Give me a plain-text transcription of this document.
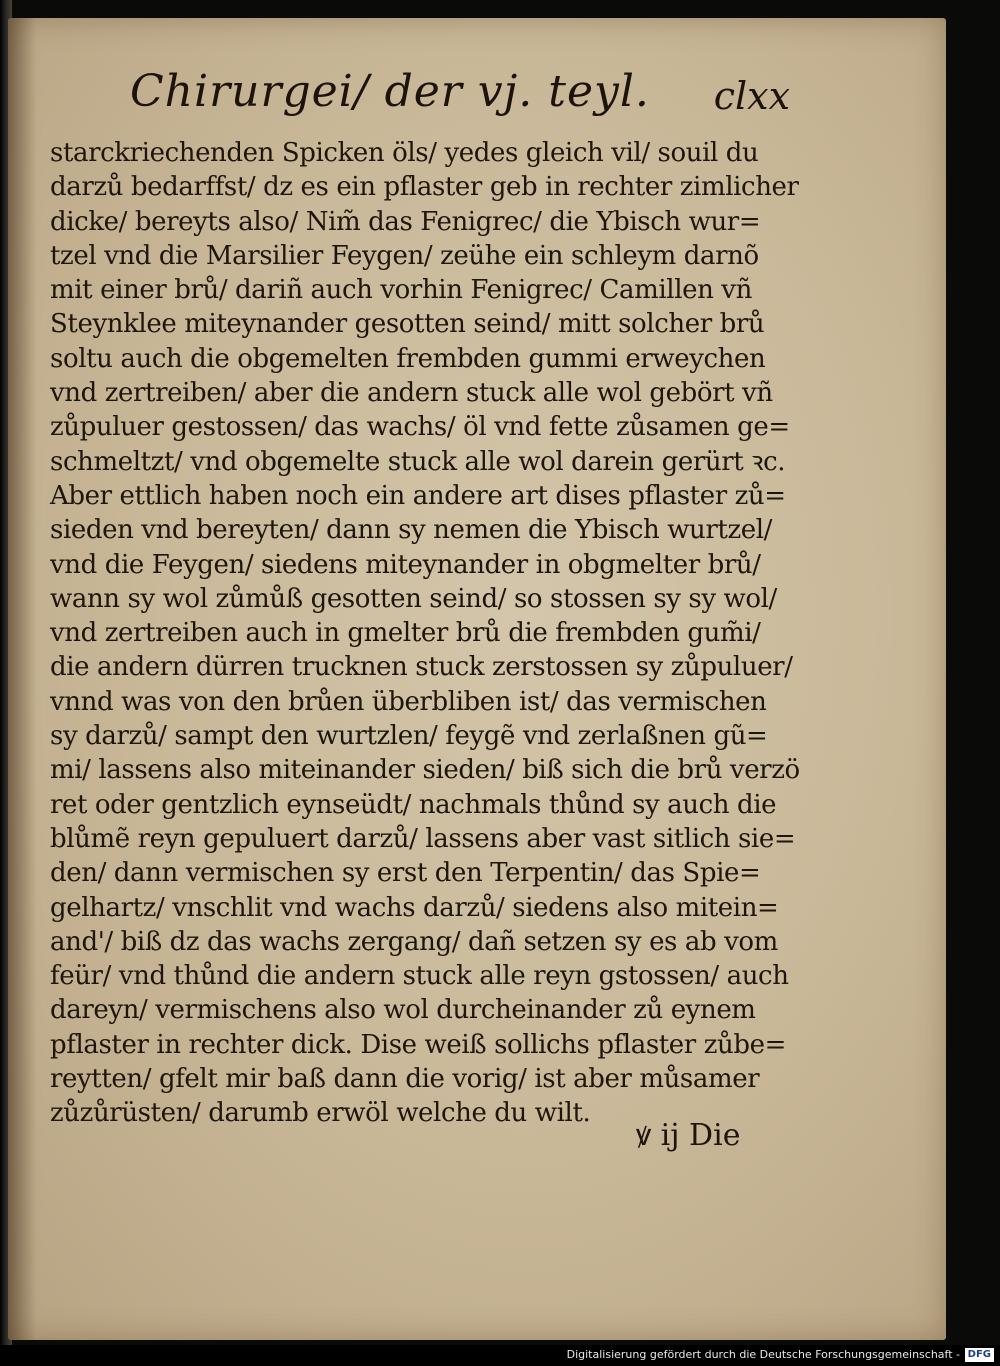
Chirurgei/ der vj. teyl. clxx
starckriechenden Spicken öls/ yedes gleich vil/ souil du
darzů bedarffst/ dz es ein pflaster geb in rechter zimlicher
dicke/ bereyts also/ Nim̃ das Fenigrec/ die Ybisch wur=
tzel vnd die Marsilier Feygen/ zeühe ein schleym darnõ
mit einer brů/ dariñ auch vorhin Fenigrec/ Camillen vñ
Steynklee miteynander gesotten seind/ mitt solcher brů
soltu auch die obgemelten frembden gummi erweychen
vnd zertreiben/ aber die andern stuck alle wol gebört vñ
zůpuluer gestossen/ das wachs/ öl vnd fette zůsamen ge=
schmeltzt/ vnd obgemelte stuck alle wol darein gerürt ꝛc.
Aber ettlich haben noch ein andere art dises pflaster zů=
sieden vnd bereyten/ dann sy nemen die Ybisch wurtzel/
vnd die Feygen/ siedens miteynander in obgmelter brů/
wann sy wol zůmůß gesotten seind/ so stossen sy sy wol/
vnd zertreiben auch in gmelter brů die frembden gum̃i/
die andern dürren trucknen stuck zerstossen sy zůpuluer/
vnnd was von den brůen überbliben ist/ das vermischen
sy darzů/ sampt den wurtzlen/ feygẽ vnd zerlaßnen gũ=
mi/ lassens also miteinander sieden/ biß sich die brů verzö
ret oder gentzlich eynseüdt/ nachmals thůnd sy auch die
blůmẽ reyn gepuluert darzů/ lassens aber vast sitlich sie=
den/ dann vermischen sy erst den Terpentin/ das Spie=
gelhartz/ vnschlit vnd wachs darzů/ siedens also mitein=
and'/ biß dz das wachs zergang/ dañ setzen sy es ab vom
feür/ vnd thůnd die andern stuck alle reyn gstossen/ auch
dareyn/ vermischens also wol durcheinander zů eynem
pflaster in rechter dick. Dise weiß sollichs pflaster zůbe=
reytten/ gfelt mir baß dann die vorig/ ist aber můsamer
zůzůrüsten/ darumb erwöl welche du wilt.
ꝟ ij Die
Digitalisierung gefördert durch die Deutsche Forschungsgemeinschaft - DFG
